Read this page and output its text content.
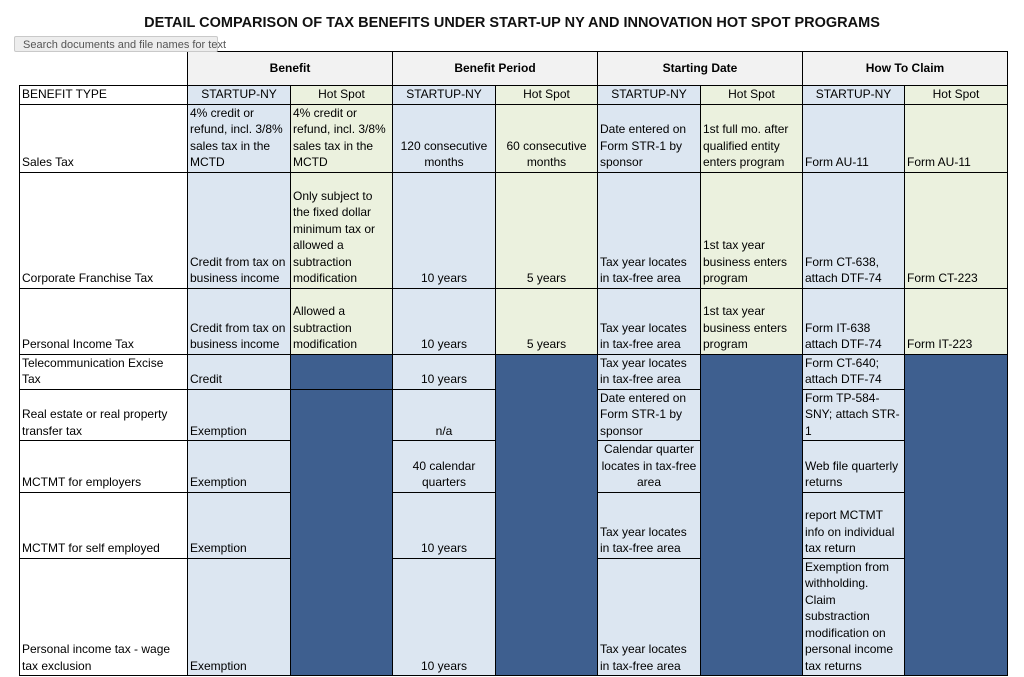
DETAIL COMPARISON OF TAX BENEFITS UNDER START-UP NY AND INNOVATION HOT SPOT PROGRAMS
Search documents and file names for text
	Benefit		Benefit Period		Starting Date		How To Claim	
BENEFIT TYPE	STARTUP-NY	Hot Spot	STARTUP-NY	Hot Spot	STARTUP-NY	Hot Spot	STARTUP-NY	Hot Spot
Sales Tax	4% credit or refund, incl. 3/8% sales tax in the MCTD	4% credit or refund, incl. 3/8% sales tax in the MCTD	120 consecutive months	60 consecutive months	Date entered on Form STR-1 by sponsor	1st full mo. after qualified entity enters program	Form AU-11	Form AU-11
Corporate Franchise Tax	Credit from tax on business income	Only subject to the fixed dollar minimum tax or allowed a subtraction modification	10 years	5 years	Tax year locates in tax-free area	1st tax year business enters program	Form CT-638, attach DTF-74	Form CT-223
Personal Income Tax	Credit from tax on business income	Allowed a subtraction modification	10 years	5 years	Tax year locates in tax-free area	1st tax year business enters program	Form IT-638 attach DTF-74	Form IT-223
Telecommunication Excise Tax	Credit		10 years		Tax year locates in tax-free area		Form CT-640; attach DTF-74	
Real estate or real property transfer tax	Exemption		n/a		Date entered on Form STR-1 by sponsor		Form TP-584-SNY; attach STR-1	
MCTMT for employers	Exemption		40 calendar quarters		Calendar quarter locates in tax-free area		Web file quarterly returns	
MCTMT for self employed	Exemption		10 years		Tax year locates in tax-free area		report MCTMT info on individual tax return	
Personal income tax - wage tax exclusion	Exemption		10 years		Tax year locates in tax-free area		Exemption from withholding. Claim substraction modification on personal income tax returns	
